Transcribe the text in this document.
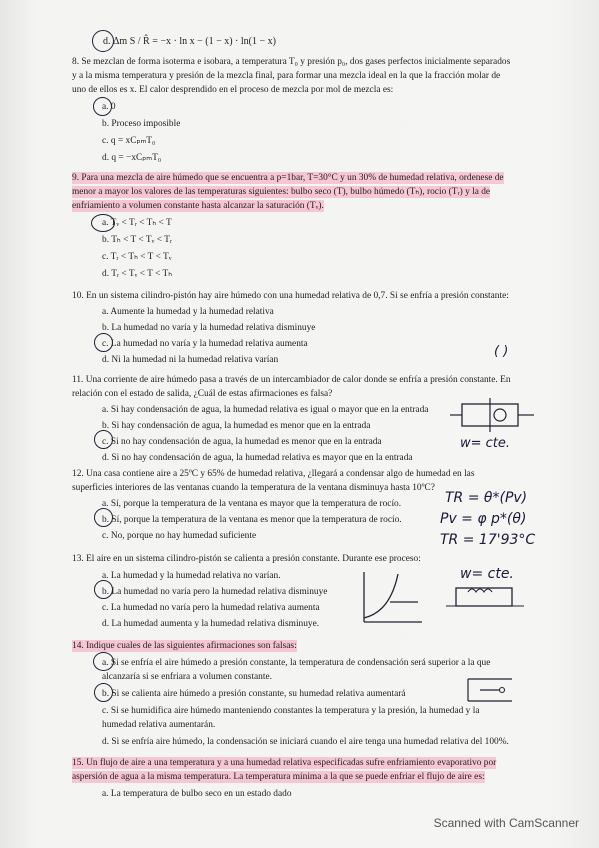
d. Δm S / R̂ = −x · ln x − (1 − x) · ln(1 − x)
8. Se mezclan de forma isoterma e isobara, a temperatura T₀ y presión p₀, dos gases perfectos inicialmente separados
y a la misma temperatura y presión de la mezcla final, para formar una mezcla ideal en la que la fracción molar de
uno de ellos es x. El calor desprendido en el proceso de mezcla por mol de mezcla es:
a. 0
b. Proceso imposible
c. q = xCₚₘT₀
d. q = −xCₚₘT₀
9. Para una mezcla de aire húmedo que se encuentra a p=1bar, T=30°C y un 30% de humedad relativa, ordenese de
menor a mayor los valores de las temperaturas siguientes: bulbo seco (T), bulbo húmedo (Tₕ), rocio (Tᵣ) y la de
enfriamiento a volumen constante hasta alcanzar la saturación (Tᵥ).
a. Tᵥ < Tᵣ < Tₕ < T
b. Tₕ < T < Tᵥ < Tᵣ
c. Tᵣ < Tₕ < T < Tᵥ
d. Tᵣ < Tᵥ < T < Tₕ
10. En un sistema cilindro-pistón hay aire húmedo con una humedad relativa de 0,7. Si se enfría a presión constante:
a. Aumente la humedad y la humedad relativa
b. La humedad no varía y la humedad relativa disminuye
c. La humedad no varía y la humedad relativa aumenta
d. Ni la humedad ni la humedad relativa varían
( )
11. Una corriente de aire húmedo pasa a través de un intercambiador de calor donde se enfría a presión constante. En
relación con el estado de salida, ¿Cuál de estas afirmaciones es falsa?
a. Si hay condensación de agua, la humedad relativa es igual o mayor que en la entrada
b. Si hay condensación de agua, la humedad es menor que en la entrada
c. Si no hay condensación de agua, la humedad es menor que en la entrada
d. Si no hay condensación de agua, la humedad relativa es mayor que en la entrada
w= cte.
12. Una casa contiene aire a 25ºC y 65% de humedad relativa, ¿llegará a condensar algo de humedad en las
superficies interiores de las ventanas cuando la temperatura de la ventana disminuya hasta 10ºC?
a. Sí, porque la temperatura de la ventana es mayor que la temperatura de rocío.
b. Sí, porque la temperatura de la ventana es menor que la temperatura de rocío.
c. No, porque no hay humedad suficiente
TR = θ*(Pv)
Pv = φ p*(θ)
TR = 17'93°C
13. El aire en un sistema cilindro-pistón se calienta a presión constante. Durante ese proceso:
a. La humedad y la humedad relativa no varían.
b. La humedad no varía pero la humedad relativa disminuye
c. La humedad no varía pero la humedad relativa aumenta
d. La humedad aumenta y la humedad relativa disminuye.
w= cte.
14. Indique cuales de las siguientes afirmaciones son falsas:
a. Si se enfría el aire húmedo a presión constante, la temperatura de condensación será superior a la que
alcanzaría si se enfriara a volumen constante.
b. Si se calienta aire húmedo a presión constante, su humedad relativa aumentará
c. Si se humidifica aire húmedo manteniendo constantes la temperatura y la presión, la humedad y la
humedad relativa aumentarán.
d. Si se enfría aire húmedo, la condensación se iniciará cuando el aire tenga una humedad relativa del 100%.
15. Un flujo de aire a una temperatura y a una humedad relativa especificadas sufre enfriamiento evaporativo por
aspersión de agua a la misma temperatura. La temperatura mínima a la que se puede enfriar el flujo de aire es:
a. La temperatura de bulbo seco en un estado dado
Scanned with CamScanner
